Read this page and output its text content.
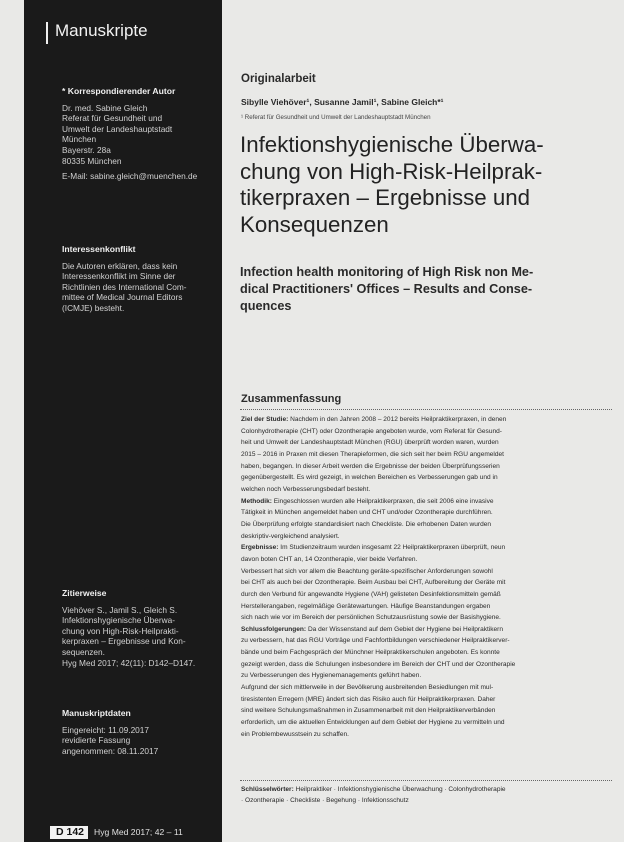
Manuskripte
* Korrespondierender Autor
Dr. med. Sabine Gleich
Referat für Gesundheit und
Umwelt der Landeshauptstadt
München
Bayerstr. 28a
80335 München
E-Mail: sabine.gleich@muenchen.de
Interessenkonflikt
Die Autoren erklären, dass kein
Interessenkonflikt im Sinne der
Richtlinien des International Com-
mittee of Medical Journal Editors
(ICMJE) besteht.
Zitierweise
Viehöver S., Jamil S., Gleich S.
Infektionshygienische Überwa-
chung von High-Risk-Heilprakti-
kerpraxen – Ergebnisse und Kon-
sequenzen.
Hyg Med 2017; 42(11): D142–D147.
Manuskriptdaten
Eingereicht: 11.09.2017
revidierte Fassung
angenommen: 08.11.2017
D 142 Hyg Med 2017; 42 – 11
Originalarbeit
Sibylle Viehöver¹, Susanne Jamil¹, Sabine Gleich*¹
¹ Referat für Gesundheit und Umwelt der Landeshauptstadt München
Infektionshygienische Überwa-
chung von High-Risk-Heilprak-
tikerpraxen – Ergebnisse und
Konsequenzen
Infection health monitoring of High Risk non Me-
dical Practitioners' Offices – Results and Conse-
quences
Zusammenfassung
Ziel der Studie: Nachdem in den Jahren 2008 – 2012 bereits Heilpraktikerpraxen, in denen
Colonhydrotherapie (CHT) oder Ozontherapie angeboten wurde, vom Referat für Gesund-
heit und Umwelt der Landeshauptstadt München (RGU) überprüft worden waren, wurden
2015 – 2016 in Praxen mit diesen Therapieformen, die sich seit her beim RGU angemeldet
haben, begangen. In dieser Arbeit werden die Ergebnisse der beiden Überprüfungsserien
gegenübergestellt. Es wird gezeigt, in welchen Bereichen es Verbesserungen gab und in
welchen noch Verbesserungsbedarf besteht.
Methodik: Eingeschlossen wurden alle Heilpraktikerpraxen, die seit 2006 eine invasive
Tätigkeit in München angemeldet haben und CHT und/oder Ozontherapie durchführen.
Die Überprüfung erfolgte standardisiert nach Checkliste. Die erhobenen Daten wurden
deskriptiv-vergleichend analysiert.
Ergebnisse: Im Studienzeitraum wurden insgesamt 22 Heilpraktikerpraxen überprüft, neun
davon boten CHT an, 14 Ozontherapie, vier beide Verfahren.
Verbessert hat sich vor allem die Beachtung geräte-spezifischer Anforderungen sowohl
bei CHT als auch bei der Ozontherapie. Beim Ausbau bei CHT, Aufbereitung der Geräte mit
durch den Verbund für angewandte Hygiene (VAH) gelisteten Desinfektionsmitteln gemäß
Herstellerangaben, regelmäßige Gerätewartungen. Häufige Beanstandungen ergaben
sich nach wie vor im Bereich der persönlichen Schutzausrüstung sowie der Basishygiene.
Schlussfolgerungen: Da der Wissenstand auf dem Gebiet der Hygiene bei Heilpraktikern
zu verbessern, hat das RGU Vorträge und Fachfortbildungen verschiedener Heilpraktikerver-
bände und beim Fachgespräch der Münchner Heilpraktikerschulen angeboten. Es konnte
gezeigt werden, dass die Schulungen insbesondere im Bereich der CHT und der Ozontherapie
zu Verbesserungen des Hygienemanagements geführt haben.
Aufgrund der sich mittlerweile in der Bevölkerung ausbreitenden Besiedlungen mit mul-
tiresistenten Erregern (MRE) ändert sich das Risiko auch für Heilpraktikerpraxen. Daher
sind weitere Schulungsmaßnahmen in Zusammenarbeit mit den Heilpraktikerverbänden
erforderlich, um die aktuellen Entwicklungen auf dem Gebiet der Hygiene zu vermitteln und
ein Problembewusstsein zu schaffen.
Schlüsselwörter: Heilpraktiker · Infektionshygienische Überwachung · Colonhydrotherapie
· Ozontherapie · Checkliste · Begehung · Infektionsschutz
